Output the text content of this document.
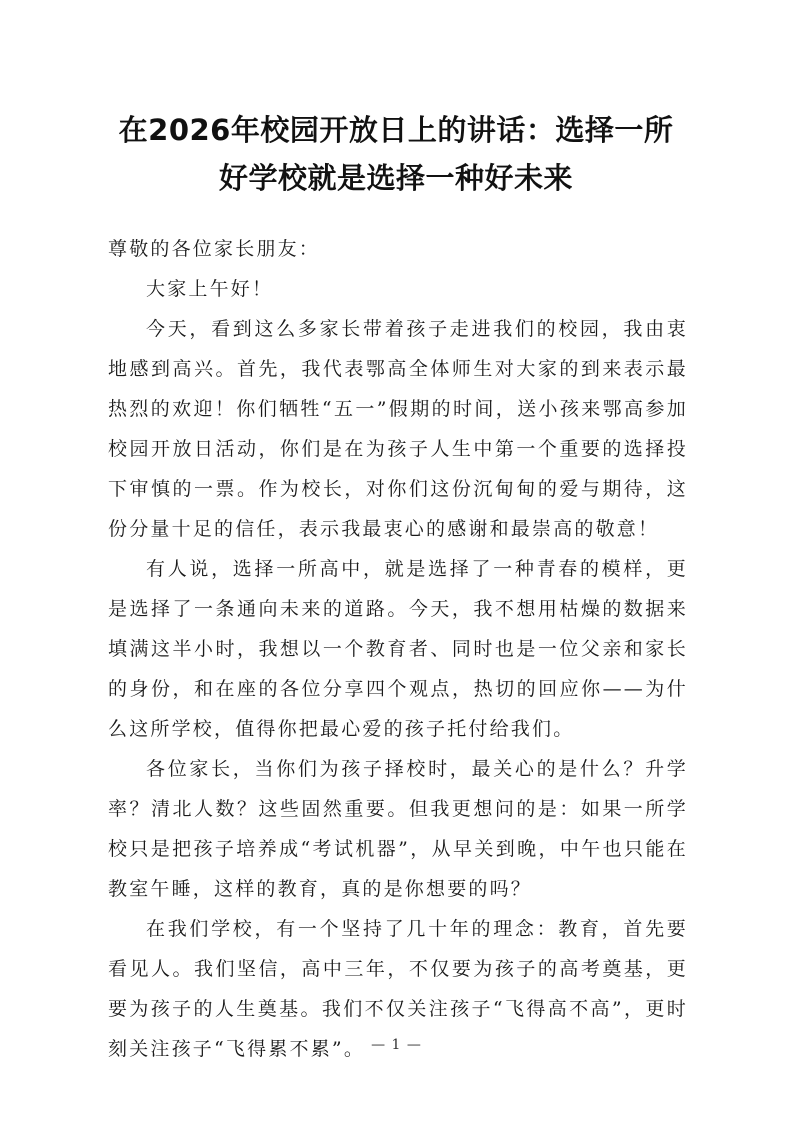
在2026年校园开放日上的讲话：选择一所
好学校就是选择一种好未来

尊敬的各位家长朋友：

大家上午好！

今天，看到这么多家长带着孩子走进我们的校园，我由衷地感到高兴。首先，我代表鄂高全体师生对大家的到来表示最热烈的欢迎！你们牺牲“五一”假期的时间，送小孩来鄂高参加校园开放日活动，你们是在为孩子人生中第一个重要的选择投下审慎的一票。作为校长，对你们这份沉甸甸的爱与期待，这份分量十足的信任，表示我最衷心的感谢和最崇高的敬意！

有人说，选择一所高中，就是选择了一种青春的模样，更是选择了一条通向未来的道路。今天，我不想用枯燥的数据来填满这半小时，我想以一个教育者、同时也是一位父亲和家长的身份，和在座的各位分享四个观点，热切的回应你——为什么这所学校，值得你把最心爱的孩子托付给我们。

各位家长，当你们为孩子择校时，最关心的是什么？升学率？清北人数？这些固然重要。但我更想问的是：如果一所学校只是把孩子培养成“考试机器”，从早关到晚，中午也只能在教室午睡，这样的教育，真的是你想要的吗？

在我们学校，有一个坚持了几十年的理念：教育，首先要看见人。我们坚信，高中三年，不仅要为孩子的高考奠基，更要为孩子的人生奠基。我们不仅关注孩子“飞得高不高”，更时刻关注孩子“飞得累不累”。 — 1 —
